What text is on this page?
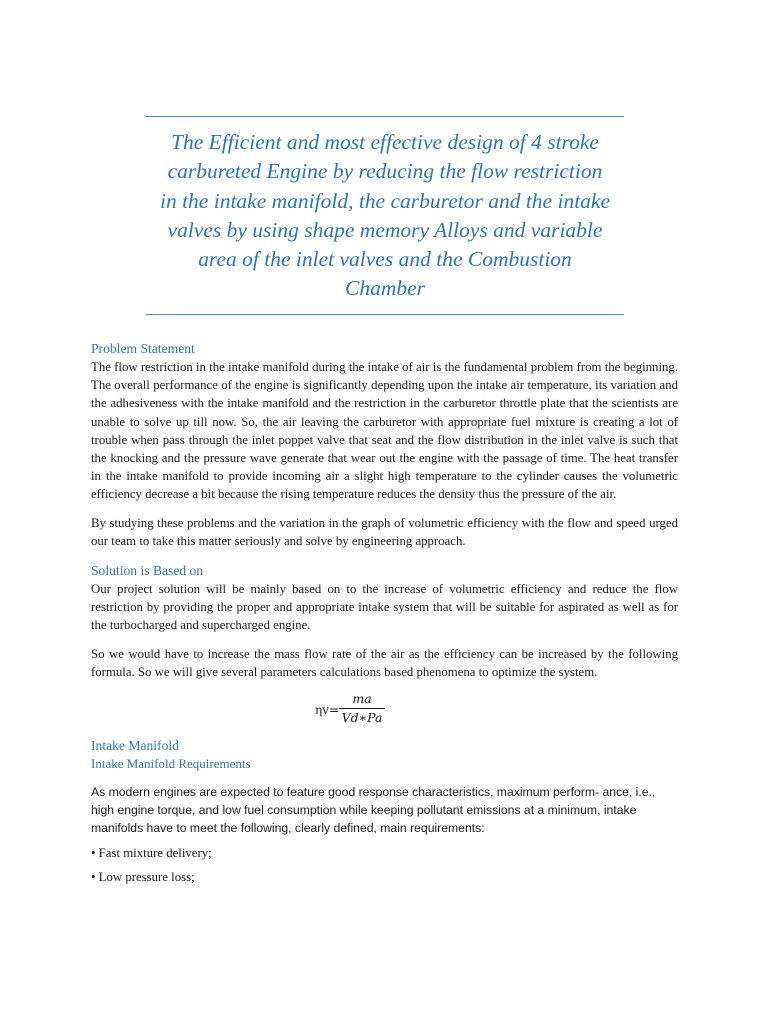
The Efficient and most effective design of 4 stroke
carbureted Engine by reducing the flow restriction
in the intake manifold, the carburetor and the intake
valves by using shape memory Alloys and variable
area of the inlet valves and the Combustion
Chamber
Problem Statement

The flow restriction in the intake manifold during the intake of air is the fundamental problem from the beginning. The overall performance of the engine is significantly depending upon the intake air temperature, its variation and the adhesiveness with the intake manifold and the restriction in the carburetor throttle plate that the scientists are unable to solve up till now. So, the air leaving the carburetor with appropriate fuel mixture is creating a lot of trouble when pass through the inlet poppet valve that seat and the flow distribution in the inlet valve is such that the knocking and the pressure wave generate that wear out the engine with the passage of time. The heat transfer in the intake manifold to provide incoming air a slight high temperature to the cylinder causes the volumetric efficiency decrease a bit because the rising temperature reduces the density thus the pressure of the air.

By studying these problems and the variation in the graph of volumetric efficiency with the flow and speed urged our team to take this matter seriously and solve by engineering approach.

Solution is Based on

Our project solution will be mainly based on to the increase of volumetric efficiency and reduce the flow restriction by providing the proper and appropriate intake system that will be suitable for aspirated as well as for the turbocharged and supercharged engine.

So we would have to increase the mass flow rate of the air as the efficiency can be increased by the following formula. So we will give several parameters calculations based phenomena to optimize the system.

$\eta v= \frac{ma}{Vd∗Pa}$
Intake Manifold
Intake Manifold Requirements

As modern engines are expected to feature good response characteristics, maximum perform- ance, i.e., high engine torque, and low fuel consumption while keeping pollutant emissions at a minimum, intake manifolds have to meet the following, clearly defined, main requirements:

• Fast mixture delivery;
• Low pressure loss;
